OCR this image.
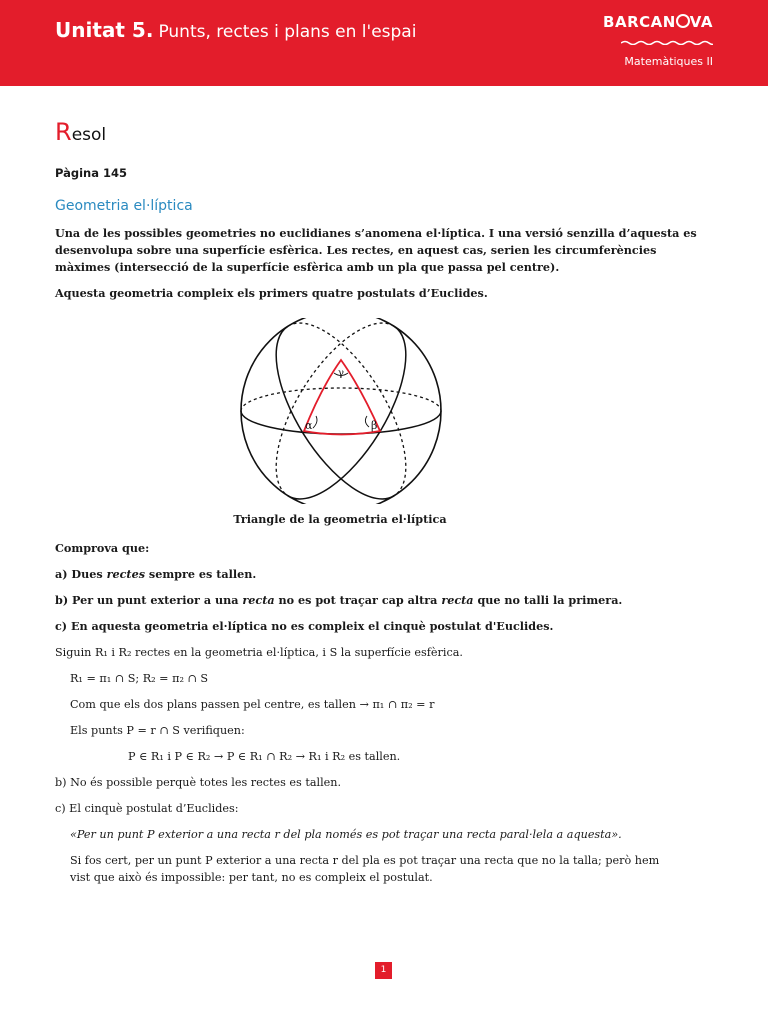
Unitat 5. Punts, rectes i plans en l'espai	BARCAN VA
Matemàtiques II
Resol
Pàgina 145
Geometria el·líptica
Una de les possibles geometries no euclidianes s’anomena el·líptica. I una versió senzilla d’aquesta es desenvolupa sobre una superfície esfèrica. Les rectes, en aquest cas, serien les circumferències màximes (intersecció de la superfície esfèrica amb un pla que passa pel centre).
Aquesta geometria compleix els primers quatre postulats d’Euclides.
α	β
γ
Triangle de la geometria el·líptica
Comprova que:
a) Dues rectes sempre es tallen.
b) Per un punt exterior a una recta no es pot traçar cap altra recta que no talli la primera.
c) En aquesta geometria el·líptica no es compleix el cinquè postulat d'Euclides.
Siguin R₁ i R₂ rectes en la geometria el·líptica, i S la superfície esfèrica.
R₁ = π₁ ∩ S; R₂ = π₂ ∩ S
Com que els dos plans passen pel centre, es tallen → π₁ ∩ π₂ = r
Els punts P = r ∩ S verifiquen:
P ∈ R₁ i P ∈ R₂ → P ∈ R₁ ∩ R₂ → R₁ i R₂ es tallen.
b) No és possible perquè totes les rectes es tallen.
c) El cinquè postulat d’Euclides:
«Per un punt P exterior a una recta r del pla només es pot traçar una recta paral·lela a aquesta».
Si fos cert, per un punt P exterior a una recta r del pla es pot traçar una recta que no la talla; però hem
vist que això és impossible: per tant, no es compleix el postulat.
1
